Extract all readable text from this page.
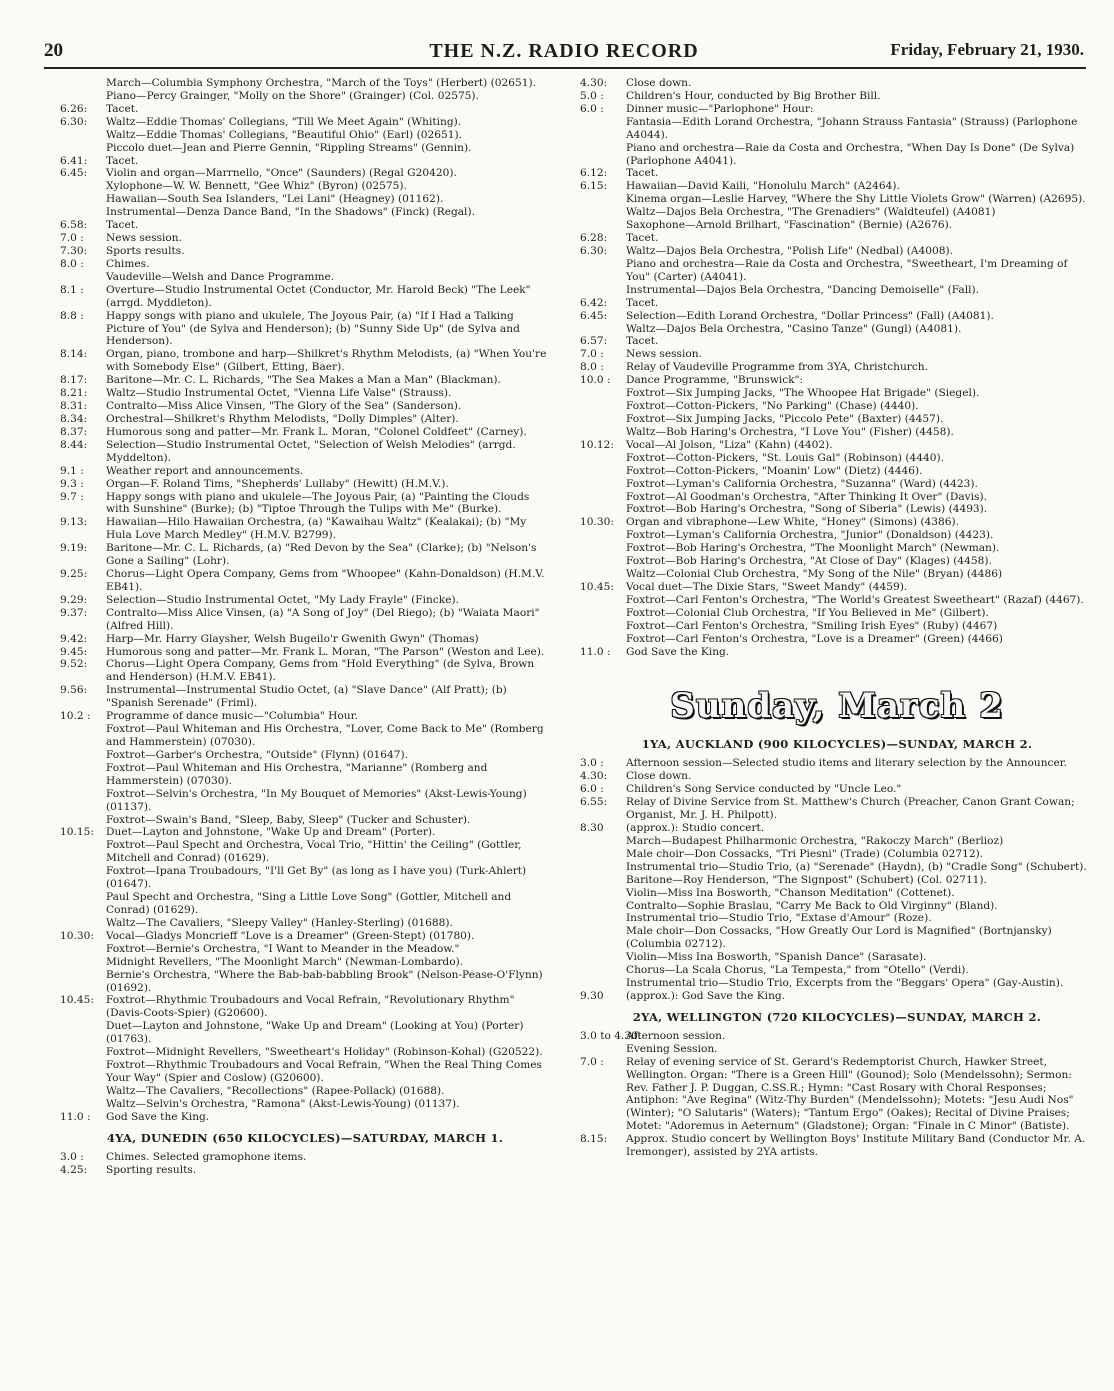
20	THE N.Z. RADIO RECORD	Friday, February 21, 1930.
March—Columbia Symphony Orchestra, "March of the Toys" (Herbert) (02651).
Piano—Percy Grainger, "Molly on the Shore" (Grainger) (Col. 02575).
6.26:	Tacet.
6.30:	Waltz—Eddie Thomas' Collegians, "Till We Meet Again" (Whiting).
Waltz—Eddie Thomas' Collegians, "Beautiful Ohio" (Earl) (02651).
Piccolo duet—Jean and Pierre Gennin, "Rippling Streams" (Gennin).
6.41:	Tacet.
6.45:	Violin and organ—Marrnello, "Once" (Saunders) (Regal G20420).
Xylophone—W. W. Bennett, "Gee Whiz" (Byron) (02575).
Hawaiian—South Sea Islanders, "Lei Lani" (Heagney) (01162).
Instrumental—Denza Dance Band, "In the Shadows" (Finck) (Regal).
6.58:	Tacet.
7.0 :	News session.
7.30:	Sports results.
8.0 :	Chimes.
Vaudeville—Welsh and Dance Programme.
8.1 :	Overture—Studio Instrumental Octet (Conductor, Mr. Harold Beck) "The Leek" (arrgd. Myddleton).
8.8 :	Happy songs with piano and ukulele, The Joyous Pair, (a) "If I Had a Talking Picture of You" (de Sylva and Henderson); (b) "Sunny Side Up" (de Sylva and Henderson).
8.14:	Organ, piano, trombone and harp—Shilkret's Rhythm Melodists, (a) "When You're with Somebody Else" (Gilbert, Etting, Baer).
8.17:	Baritone—Mr. C. L. Richards, "The Sea Makes a Man a Man" (Blackman).
8.21:	Waltz—Studio Instrumental Octet, "Vienna Life Valse" (Strauss).
8.31:	Contralto—Miss Alice Vinsen, "The Glory of the Sea" (Sanderson).
8.34:	Orchestral—Shilkret's Rhythm Melodists, "Dolly Dimples" (Alter).
8.37:	Humorous song and patter—Mr. Frank L. Moran, "Colonel Coldfeet" (Carney).
8.44:	Selection—Studio Instrumental Octet, "Selection of Welsh Melodies" (arrgd. Myddelton).
9.1 :	Weather report and announcements.
9.3 :	Organ—F. Roland Tims, "Shepherds' Lullaby" (Hewitt) (H.M.V.).
9.7 :	Happy songs with piano and ukulele—The Joyous Pair, (a) "Painting the Clouds with Sunshine" (Burke); (b) "Tiptoe Through the Tulips with Me" (Burke).
9.13:	Hawaiian—Hilo Hawaiian Orchestra, (a) "Kawaihau Waltz" (Kealakai); (b) "My Hula Love March Medley" (H.M.V. B2799).
9.19:	Baritone—Mr. C. L. Richards, (a) "Red Devon by the Sea" (Clarke); (b) "Nelson's Gone a Sailing" (Lohr).
9.25:	Chorus—Light Opera Company, Gems from "Whoopee" (Kahn-Donaldson) (H.M.V. EB41).
9.29:	Selection—Studio Instrumental Octet, "My Lady Frayle" (Fincke).
9.37:	Contralto—Miss Alice Vinsen, (a) "A Song of Joy" (Del Riego); (b) "Waiata Maori" (Alfred Hill).
9.42:	Harp—Mr. Harry Glaysher, Welsh Bugeilo'r Gwenith Gwyn" (Thomas)
9.45:	Humorous song and patter—Mr. Frank L. Moran, "The Parson" (Weston and Lee).
9.52:	Chorus—Light Opera Company, Gems from "Hold Everything" (de Sylva, Brown and Henderson) (H.M.V. EB41).
9.56:	Instrumental—Instrumental Studio Octet, (a) "Slave Dance" (Alf Pratt); (b) "Spanish Serenade" (Friml).
10.2 :	Programme of dance music—"Columbia" Hour.
Foxtrot—Paul Whiteman and His Orchestra, "Lover, Come Back to Me" (Romberg and Hammerstein) (07030).
Foxtrot—Garber's Orchestra, "Outside" (Flynn) (01647).
Foxtrot—Paul Whiteman and His Orchestra, "Marianne" (Romberg and Hammerstein) (07030).
Foxtrot—Selvin's Orchestra, "In My Bouquet of Memories" (Akst-Lewis-Young) (01137).
Foxtrot—Swain's Band, "Sleep, Baby, Sleep" (Tucker and Schuster).
10.15:	Duet—Layton and Johnstone, "Wake Up and Dream" (Porter).
Foxtrot—Paul Specht and Orchestra, Vocal Trio, "Hittin' the Ceiling" (Gottler, Mitchell and Conrad) (01629).
Foxtrot—Ipana Troubadours, "I'll Get By" (as long as I have you) (Turk-Ahlert) (01647).
Paul Specht and Orchestra, "Sing a Little Love Song" (Gottler, Mitchell and Conrad) (01629).
Waltz—The Cavaliers, "Sleepy Valley" (Hanley-Sterling) (01688).
10.30:	Vocal—Gladys Moncrieff "Love is a Dreamer" (Green-Stept) (01780).
Foxtrot—Bernie's Orchestra, "I Want to Meander in the Meadow."
Midnight Revellers, "The Moonlight March" (Newman-Lombardo).
Bernie's Orchestra, "Where the Bab-bab-babbling Brook" (Nelson-Pease-O'Flynn) (01692).
10.45:	Foxtrot—Rhythmic Troubadours and Vocal Refrain, "Revolutionary Rhythm" (Davis-Coots-Spier) (G20600).
Duet—Layton and Johnstone, "Wake Up and Dream" (Looking at You) (Porter) (01763).
Foxtrot—Midnight Revellers, "Sweetheart's Holiday" (Robinson-Kohal) (G20522).
Foxtrot—Rhythmic Troubadours and Vocal Refrain, "When the Real Thing Comes Your Way" (Spier and Coslow) (G20600).
Waltz—The Cavaliers, "Recollections" (Rapee-Pollack) (01688).
Waltz—Selvin's Orchestra, "Ramona" (Akst-Lewis-Young) (01137).
11.0 :	God Save the King.
4YA, DUNEDIN (650 KILOCYCLES)—SATURDAY, MARCH 1.
3.0 :	Chimes. Selected gramophone items.
4.25:	Sporting results.
4.30:	Close down.
5.0 :	Children's Hour, conducted by Big Brother Bill.
6.0 :	Dinner music—"Parlophone" Hour:
Fantasia—Edith Lorand Orchestra, "Johann Strauss Fantasia" (Strauss) (Parlophone A4044).
Piano and orchestra—Raie da Costa and Orchestra, "When Day Is Done" (De Sylva) (Parlophone A4041).
6.12:	Tacet.
6.15:	Hawaiian—David Kaili, "Honolulu March" (A2464).
Kinema organ—Leslie Harvey, "Where the Shy Little Violets Grow" (Warren) (A2695).
Waltz—Dajos Bela Orchestra, "The Grenadiers" (Waldteufel) (A4081)
Saxophone—Arnold Brilhart, "Fascination" (Bernie) (A2676).
6.28:	Tacet.
6.30:	Waltz—Dajos Bela Orchestra, "Polish Life" (Nedbal) (A4008).
Piano and orchestra—Raie da Costa and Orchestra, "Sweetheart, I'm Dreaming of You" (Carter) (A4041).
Instrumental—Dajos Bela Orchestra, "Dancing Demoiselle" (Fall).
6.42:	Tacet.
6.45:	Selection—Edith Lorand Orchestra, "Dollar Princess" (Fall) (A4081).
Waltz—Dajos Bela Orchestra, "Casino Tanze" (Gungl) (A4081).
6.57:	Tacet.
7.0 :	News session.
8.0 :	Relay of Vaudeville Programme from 3YA, Christchurch.
10.0 :	Dance Programme, "Brunswick":
Foxtrot—Six Jumping Jacks, "The Whoopee Hat Brigade" (Siegel).
Foxtrot—Cotton-Pickers, "No Parking" (Chase) (4440).
Foxtrot—Six Jumping Jacks, "Piccolo Pete" (Baxter) (4457).
Waltz—Bob Haring's Orchestra, "I Love You" (Fisher) (4458).
10.12:	Vocal—Al Jolson, "Liza" (Kahn) (4402).
Foxtrot—Cotton-Pickers, "St. Louis Gal" (Robinson) (4440).
Foxtrot—Cotton-Pickers, "Moanin' Low" (Dietz) (4446).
Foxtrot—Lyman's California Orchestra, "Suzanna" (Ward) (4423).
Foxtrot—Al Goodman's Orchestra, "After Thinking It Over" (Davis).
Foxtrot—Bob Haring's Orchestra, "Song of Siberia" (Lewis) (4493).
10.30:	Organ and vibraphone—Lew White, "Honey" (Simons) (4386).
Foxtrot—Lyman's California Orchestra, "Junior" (Donaldson) (4423).
Foxtrot—Bob Haring's Orchestra, "The Moonlight March" (Newman).
Foxtrot—Bob Haring's Orchestra, "At Close of Day" (Klages) (4458).
Waltz—Colonial Club Orchestra, "My Song of the Nile" (Bryan) (4486)
10.45:	Vocal duet—The Dixie Stars, "Sweet Mandy" (4459).
Foxtrot—Carl Fenton's Orchestra, "The World's Greatest Sweetheart" (Razaf) (4467).
Foxtrot—Colonial Club Orchestra, "If You Believed in Me" (Gilbert).
Foxtrot—Carl Fenton's Orchestra, "Smiling Irish Eyes" (Ruby) (4467)
Foxtrot—Carl Fenton's Orchestra, "Love is a Dreamer" (Green) (4466)
11.0 :	God Save the King.
Sunday, March 2
1YA, AUCKLAND (900 KILOCYCLES)—SUNDAY, MARCH 2.
3.0 :	Afternoon session—Selected studio items and literary selection by the Announcer.
4.30:	Close down.
6.0 :	Children's Song Service conducted by "Uncle Leo."
6.55:	Relay of Divine Service from St. Matthew's Church (Preacher, Canon Grant Cowan; Organist, Mr. J. H. Philpott).
8.30	(approx.): Studio concert.
March—Budapest Philharmonic Orchestra, "Rakoczy March" (Berlioz)
Male choir—Don Cossacks, "Tri Piesni" (Trade) (Columbia 02712).
Instrumental trio—Studio Trio, (a) "Serenade" (Haydn), (b) "Cradle Song" (Schubert).
Baritone—Roy Henderson, "The Signpost" (Schubert) (Col. 02711).
Violin—Miss Ina Bosworth, "Chanson Meditation" (Cottenet).
Contralto—Sophie Braslau, "Carry Me Back to Old Virginny" (Bland).
Instrumental trio—Studio Trio, "Extase d'Amour" (Roze).
Male choir—Don Cossacks, "How Greatly Our Lord is Magnified" (Bortnjansky) (Columbia 02712).
Violin—Miss Ina Bosworth, "Spanish Dance" (Sarasate).
Chorus—La Scala Chorus, "La Tempesta," from "Otello" (Verdi).
Instrumental trio—Studio Trio, Excerpts from the "Beggars' Opera" (Gay-Austin).
9.30	(approx.): God Save the King.
2YA, WELLINGTON (720 KILOCYCLES)—SUNDAY, MARCH 2.
3.0 to 4.30:
Afternoon session.
Evening Session.
7.0 :	Relay of evening service of St. Gerard's Redemptorist Church, Hawker Street, Wellington. Organ: "There is a Green Hill" (Gounod); Solo (Mendelssohn); Sermon: Rev. Father J. P. Duggan, C.SS.R.; Hymn: "Cast Rosary with Choral Responses; Antiphon: "Ave Regina" (Witz-Thy Burden" (Mendelssohn); Motets: "Jesu Audi Nos" (Winter); "O Salutaris" (Waters); "Tantum Ergo" (Oakes); Recital of Divine Praises; Motet: "Adoremus in Aeternum" (Gladstone); Organ: "Finale in C Minor" (Batiste).
8.15:	Approx. Studio concert by Wellington Boys' Institute Military Band (Conductor Mr. A. Iremonger), assisted by 2YA artists.
